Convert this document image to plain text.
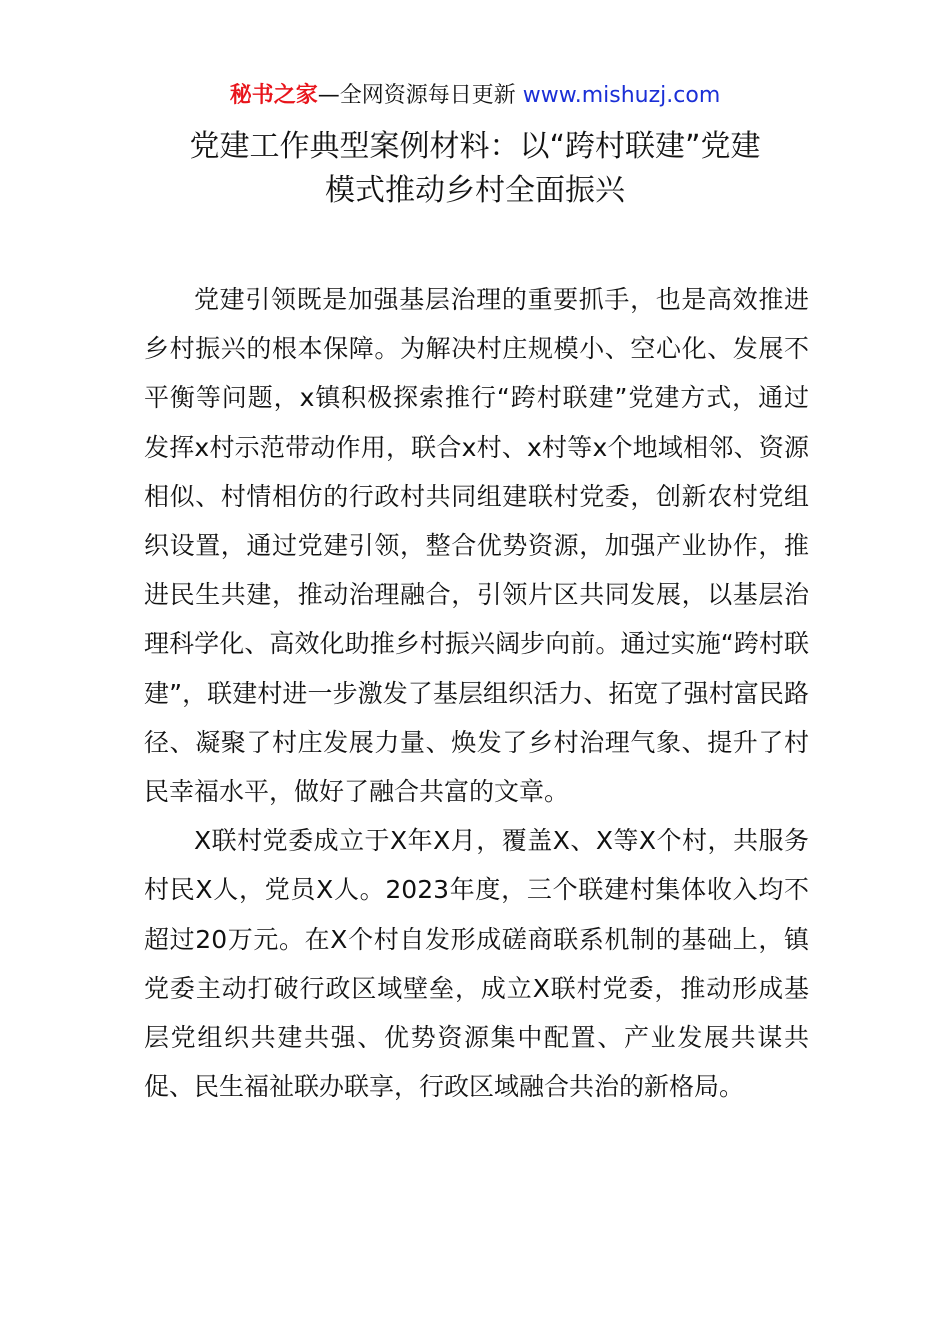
秘书之家—全网资源每日更新 www.mishuzj.com
党建工作典型案例材料：以“跨村联建”党建
模式推动乡村全面振兴

党建引领既是加强基层治理的重要抓手，也是高效推进乡村振兴的根本保障。为解决村庄规模小、空心化、发展不平衡等问题，x镇积极探索推行“跨村联建”党建方式，通过发挥x村示范带动作用，联合x村、x村等x个地域相邻、资源相似、村情相仿的行政村共同组建联村党委，创新农村党组织设置，通过党建引领，整合优势资源，加强产业协作，推进民生共建，推动治理融合，引领片区共同发展，以基层治理科学化、高效化助推乡村振兴阔步向前。通过实施“跨村联建”，联建村进一步激发了基层组织活力、拓宽了强村富民路径、凝聚了村庄发展力量、焕发了乡村治理气象、提升了村民幸福水平，做好了融合共富的文章。

X联村党委成立于X年X月，覆盖X、X等X个村，共服务村民X人，党员X人。2023年度，三个联建村集体收入均不超过20万元。在X个村自发形成磋商联系机制的基础上，镇党委主动打破行政区域壁垒，成立X联村党委，推动形成基层党组织共建共强、优势资源集中配置、产业发展共谋共促、民生福祉联办联享，行政区域融合共治的新格局。
